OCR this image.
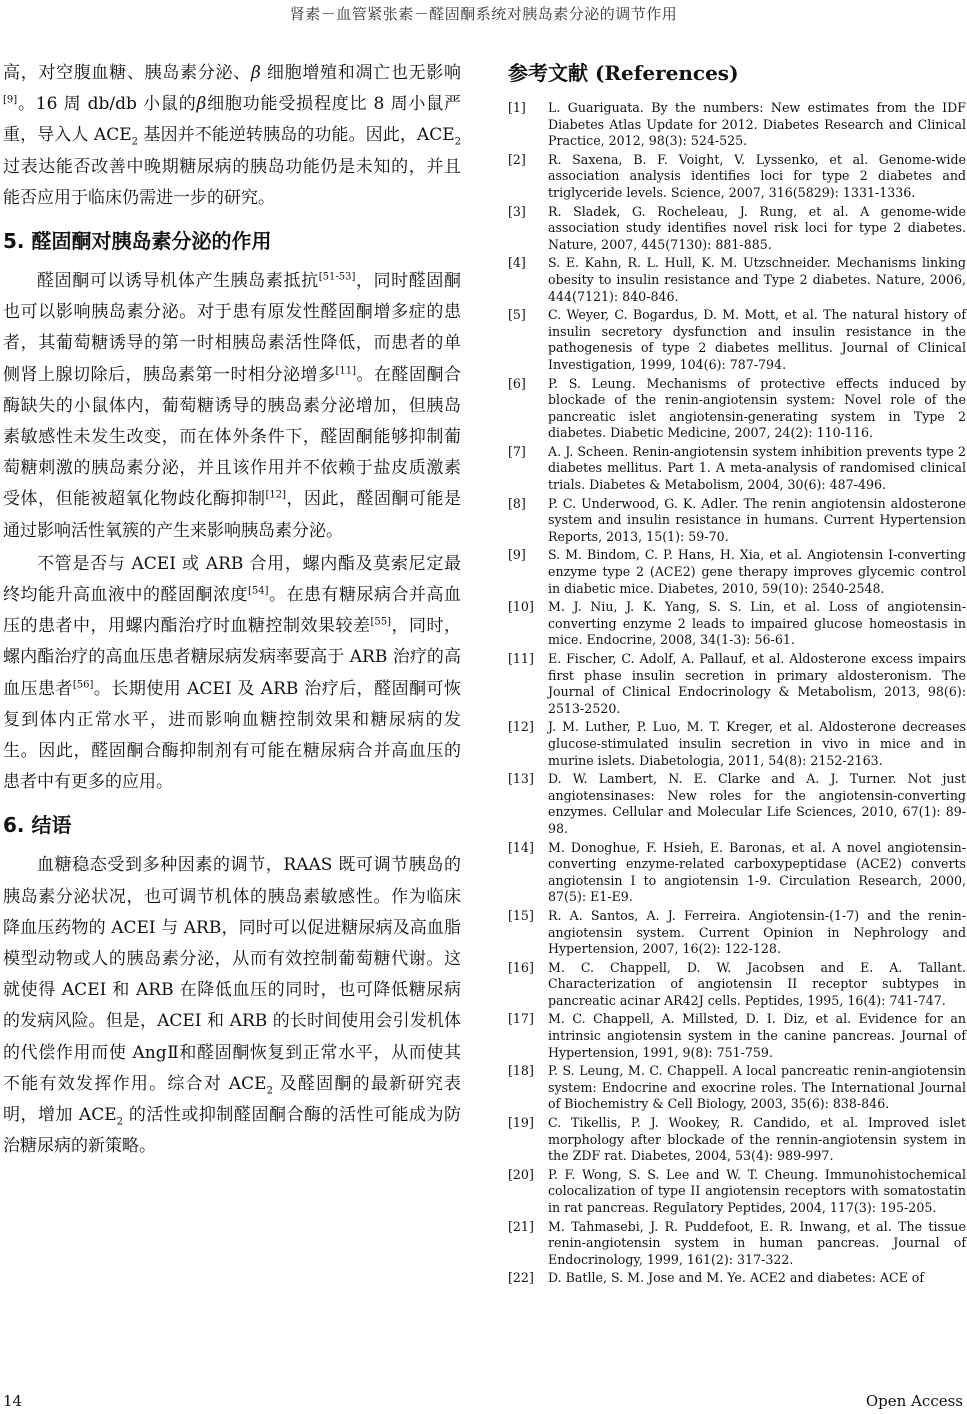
肾素－血管紧张素－醛固酮系统对胰岛素分泌的调节作用

高，对空腹血糖、胰岛素分泌、β 细胞增殖和凋亡也无影响[9]。16 周 db/db 小鼠的β细胞功能受损程度比 8 周小鼠严重，导入人 $ACE_2$ 基因并不能逆转胰岛的功能。因此，$ACE_2$ 过表达能否改善中晚期糖尿病的胰岛功能仍是未知的，并且能否应用于临床仍需进一步的研究。

5. 醛固酮对胰岛素分泌的作用

醛固酮可以诱导机体产生胰岛素抵抗[51-53]，同时醛固酮也可以影响胰岛素分泌。对于患有原发性醛固酮增多症的患者，其葡萄糖诱导的第一时相胰岛素活性降低，而患者的单侧肾上腺切除后，胰岛素第一时相分泌增多[11]。在醛固酮合酶缺失的小鼠体内，葡萄糖诱导的胰岛素分泌增加，但胰岛素敏感性未发生改变，而在体外条件下，醛固酮能够抑制葡萄糖刺激的胰岛素分泌，并且该作用并不依赖于盐皮质激素受体，但能被超氧化物歧化酶抑制[12]，因此，醛固酮可能是通过影响活性氧簇的产生来影响胰岛素分泌。

不管是否与 ACEI 或 ARB 合用，螺内酯及莫索尼定最终均能升高血液中的醛固酮浓度[54]。在患有糖尿病合并高血压的患者中，用螺内酯治疗时血糖控制效果较差[55]，同时，螺内酯治疗的高血压患者糖尿病发病率要高于 ARB 治疗的高血压患者[56]。长期使用 ACEI 及 ARB 治疗后，醛固酮可恢复到体内正常水平，进而影响血糖控制效果和糖尿病的发生。因此，醛固酮合酶抑制剂有可能在糖尿病合并高血压的患者中有更多的应用。

6. 结语

血糖稳态受到多种因素的调节，RAAS 既可调节胰岛的胰岛素分泌状况，也可调节机体的胰岛素敏感性。作为临床降血压药物的 ACEI 与 ARB，同时可以促进糖尿病及高血脂模型动物或人的胰岛素分泌，从而有效控制葡萄糖代谢。这就使得 ACEI 和 ARB 在降低血压的同时，也可降低糖尿病的发病风险。但是，ACEI 和 ARB 的长时间使用会引发机体的代偿作用而使 AngⅡ和醛固酮恢复到正常水平，从而使其不能有效发挥作用。综合对 $ACE_2$ 及醛固酮的最新研究表明，增加 $ACE_2$ 的活性或抑制醛固酮合酶的活性可能成为防治糖尿病的新策略。

参考文献 (References)
[1]	L. Guariguata. By the numbers: New estimates from the IDF Diabetes Atlas Update for 2012. Diabetes Research and Clinical Practice, 2012, 98(3): 524-525.
[2]	R. Saxena, B. F. Voight, V. Lyssenko, et al. Genome-wide association analysis identifies loci for type 2 diabetes and triglyceride levels. Science, 2007, 316(5829): 1331-1336.
[3]	R. Sladek, G. Rocheleau, J. Rung, et al. A genome-wide association study identifies novel risk loci for type 2 diabetes. Nature, 2007, 445(7130): 881-885.
[4]	S. E. Kahn, R. L. Hull, K. M. Utzschneider. Mechanisms linking obesity to insulin resistance and Type 2 diabetes. Nature, 2006, 444(7121): 840-846.
[5]	C. Weyer, C. Bogardus, D. M. Mott, et al. The natural history of insulin secretory dysfunction and insulin resistance in the pathogenesis of type 2 diabetes mellitus. Journal of Clinical Investigation, 1999, 104(6): 787-794.
[6]	P. S. Leung. Mechanisms of protective effects induced by blockade of the renin-angiotensin system: Novel role of the pancreatic islet angiotensin-generating system in Type 2 diabetes. Diabetic Medicine, 2007, 24(2): 110-116.
[7]	A. J. Scheen. Renin-angiotensin system inhibition prevents type 2 diabetes mellitus. Part 1. A meta-analysis of randomised clinical trials. Diabetes & Metabolism, 2004, 30(6): 487-496.
[8]	P. C. Underwood, G. K. Adler. The renin angiotensin aldosterone system and insulin resistance in humans. Current Hypertension Reports, 2013, 15(1): 59-70.
[9]	S. M. Bindom, C. P. Hans, H. Xia, et al. Angiotensin I-converting enzyme type 2 (ACE2) gene therapy improves glycemic control in diabetic mice. Diabetes, 2010, 59(10): 2540-2548.
[10]	M. J. Niu, J. K. Yang, S. S. Lin, et al. Loss of angiotensin-converting enzyme 2 leads to impaired glucose homeostasis in mice. Endocrine, 2008, 34(1-3): 56-61.
[11]	E. Fischer, C. Adolf, A. Pallauf, et al. Aldosterone excess impairs first phase insulin secretion in primary aldosteronism. The Journal of Clinical Endocrinology & Metabolism, 2013, 98(6): 2513-2520.
[12]	J. M. Luther, P. Luo, M. T. Kreger, et al. Aldosterone decreases glucose-stimulated insulin secretion in vivo in mice and in murine islets. Diabetologia, 2011, 54(8): 2152-2163.
[13]	D. W. Lambert, N. E. Clarke and A. J. Turner. Not just angiotensinases: New roles for the angiotensin-converting enzymes. Cellular and Molecular Life Sciences, 2010, 67(1): 89-98.
[14]	M. Donoghue, F. Hsieh, E. Baronas, et al. A novel angiotensin-converting enzyme-related carboxypeptidase (ACE2) converts angiotensin I to angiotensin 1-9. Circulation Research, 2000, 87(5): E1-E9.
[15]	R. A. Santos, A. J. Ferreira. Angiotensin-(1-7) and the renin-angiotensin system. Current Opinion in Nephrology and Hypertension, 2007, 16(2): 122-128.
[16]	M. C. Chappell, D. W. Jacobsen and E. A. Tallant. Characterization of angiotensin II receptor subtypes in pancreatic acinar AR42J cells. Peptides, 1995, 16(4): 741-747.
[17]	M. C. Chappell, A. Millsted, D. I. Diz, et al. Evidence for an intrinsic angiotensin system in the canine pancreas. Journal of Hypertension, 1991, 9(8): 751-759.
[18]	P. S. Leung, M. C. Chappell. A local pancreatic renin-angiotensin system: Endocrine and exocrine roles. The International Journal of Biochemistry & Cell Biology, 2003, 35(6): 838-846.
[19]	C. Tikellis, P. J. Wookey, R. Candido, et al. Improved islet morphology after blockade of the rennin-angiotensin system in the ZDF rat. Diabetes, 2004, 53(4): 989-997.
[20]	P. F. Wong, S. S. Lee and W. T. Cheung. Immunohistochemical colocalization of type II angiotensin receptors with somatostatin in rat pancreas. Regulatory Peptides, 2004, 117(3): 195-205.
[21]	M. Tahmasebi, J. R. Puddefoot, E. R. Inwang, et al. The tissue renin-angiotensin system in human pancreas. Journal of Endocrinology, 1999, 161(2): 317-322.
[22]	D. Batlle, S. M. Jose and M. Ye. ACE2 and diabetes: ACE of
14	Open Access
